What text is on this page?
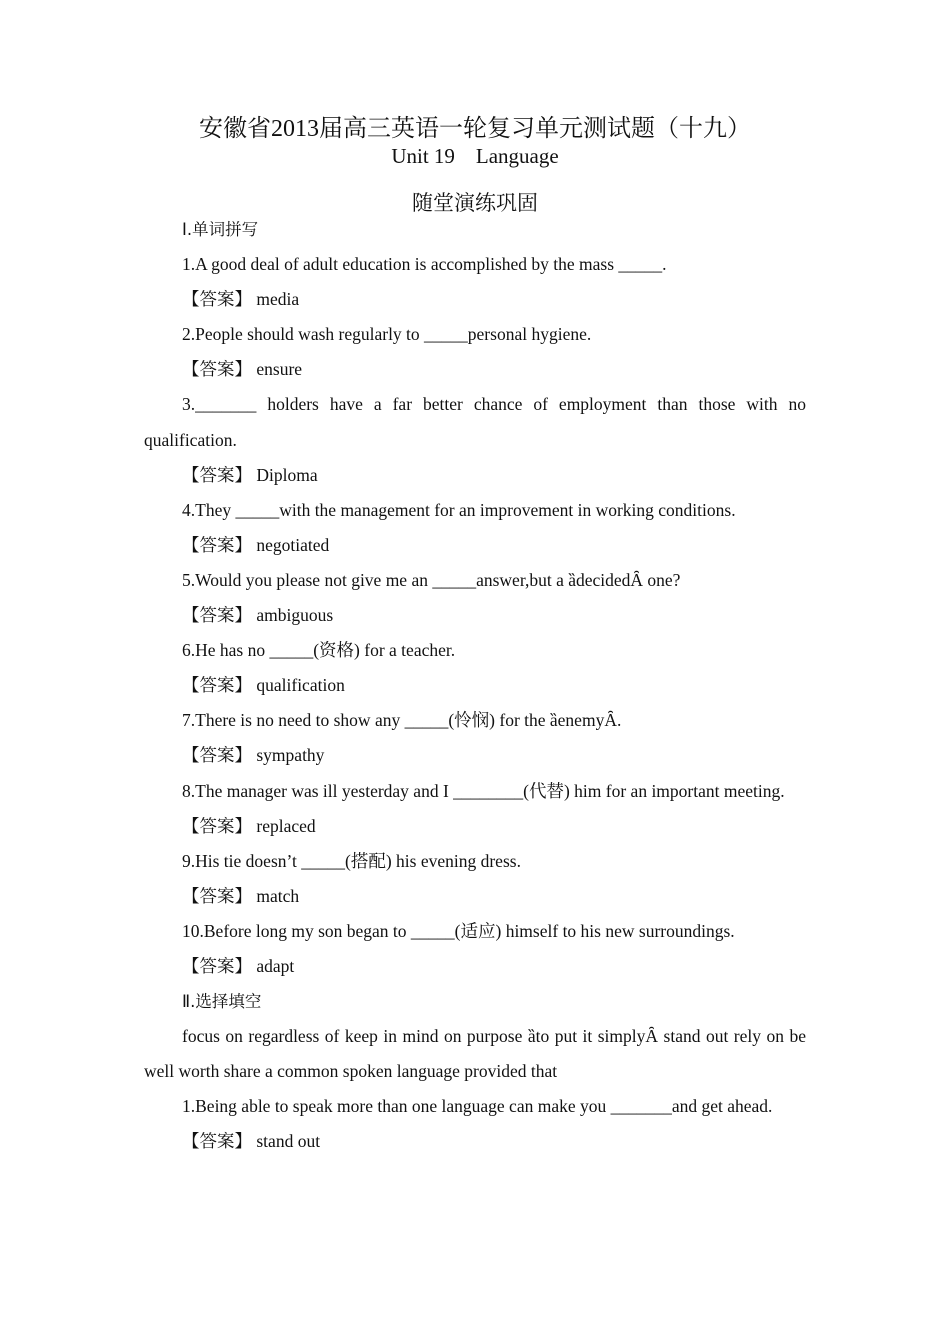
安徽省2013届高三英语一轮复习单元测试题（十九）
Unit 19　Language
随堂演练巩固

Ⅰ.单词拼写

1.A good deal of adult education is accomplished by the mass _____.

【答案】 media

2.People should wash regularly to _____personal hygiene.

【答案】 ensure

3._______ holders have a far better chance of employment than those with no qualification.

【答案】 Diploma

4.They _____with the management for an improvement in working conditions.

【答案】 negotiated

5.Would you please not give me an _____answer,but a ȁdecidedȂ one?

【答案】 ambiguous

6.He has no _____(资格) for a teacher.

【答案】 qualification

7.There is no need to show any _____(怜悯) for the ȁenemyȂ.

【答案】 sympathy

8.The manager was ill yesterday and I ________(代替) him for an important meeting.

【答案】 replaced

9.His tie doesn’t _____(搭配) his evening dress.

【答案】 match

10.Before long my son began to _____(适应) himself to his new surroundings.

【答案】 adapt

Ⅱ.选择填空

focus on regardless of keep in mind on purpose ȁto put it simplyȂ stand out rely on be well worth share a common spoken language provided that

1.Being able to speak more than one language can make you _______and get ahead.

【答案】 stand out
